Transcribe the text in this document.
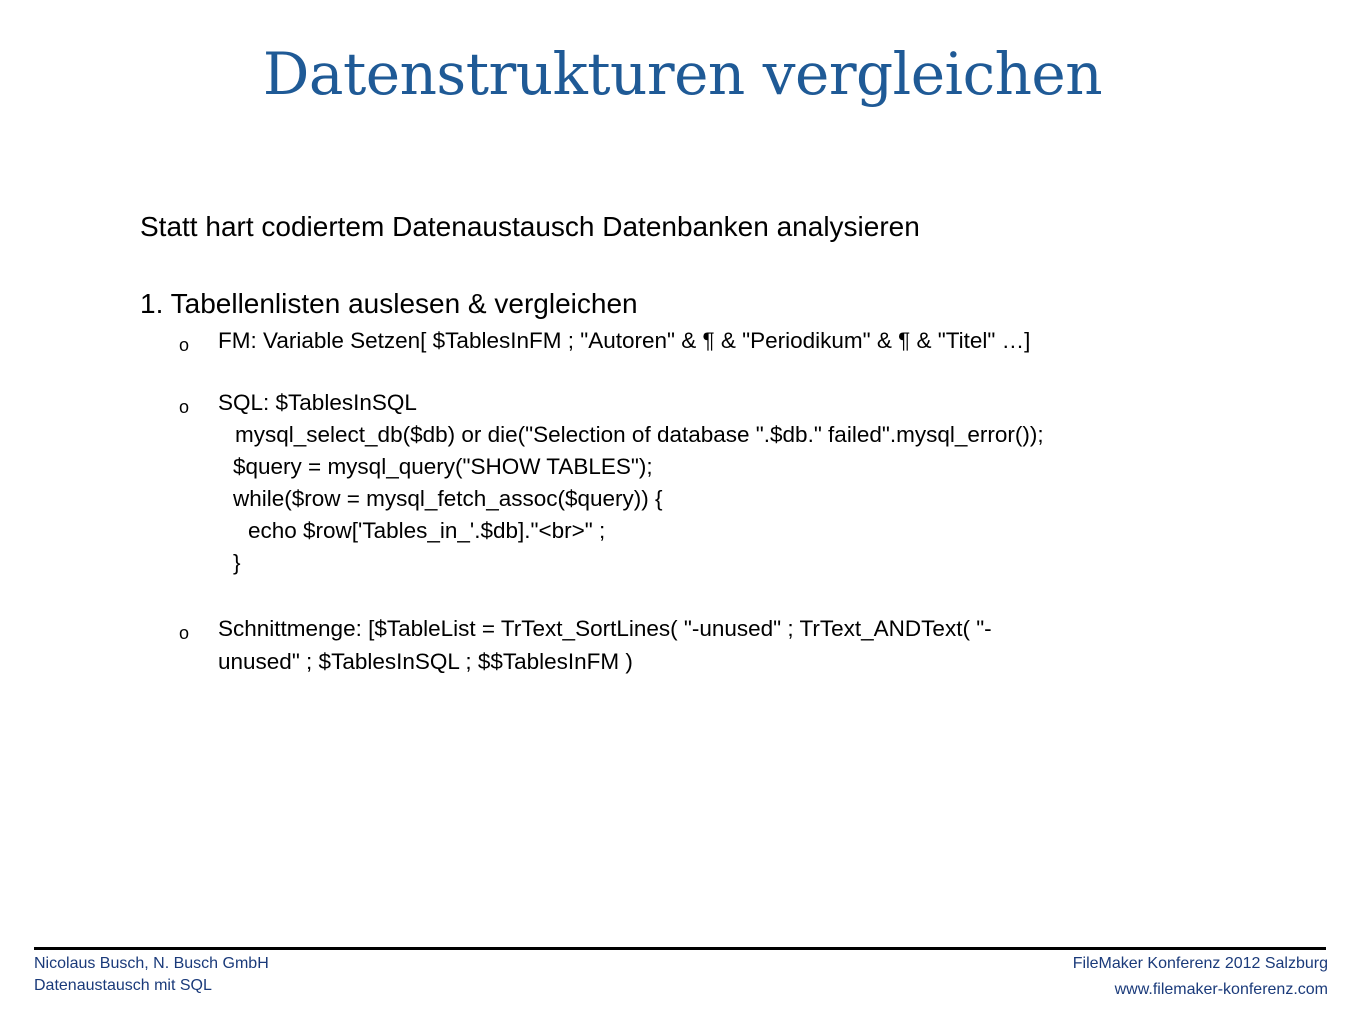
Datenstrukturen vergleichen
Statt hart codiertem Datenaustausch Datenbanken analysieren
1. Tabellenlisten auslesen & vergleichen
o FM: Variable Setzen[ $TablesInFM ; "Autoren" & ¶ & "Periodikum" & ¶ & "Titel" …]
o SQL: $TablesInSQL
mysql_select_db($db) or die("Selection of database ".$db." failed".mysql_error());
$query = mysql_query("SHOW TABLES");
while($row = mysql_fetch_assoc($query)) {
echo $row['Tables_in_'.$db]."<br>" ;
}
o Schnittmenge: [$TableList = TrText_SortLines( "-unused" ; TrText_ANDText( "-
unused" ; $TablesInSQL ; $$TablesInFM )
Nicolaus Busch, N. Busch GmbH
Datenaustausch mit SQL
FileMaker Konferenz 2012 Salzburg
www.filemaker-konferenz.com
